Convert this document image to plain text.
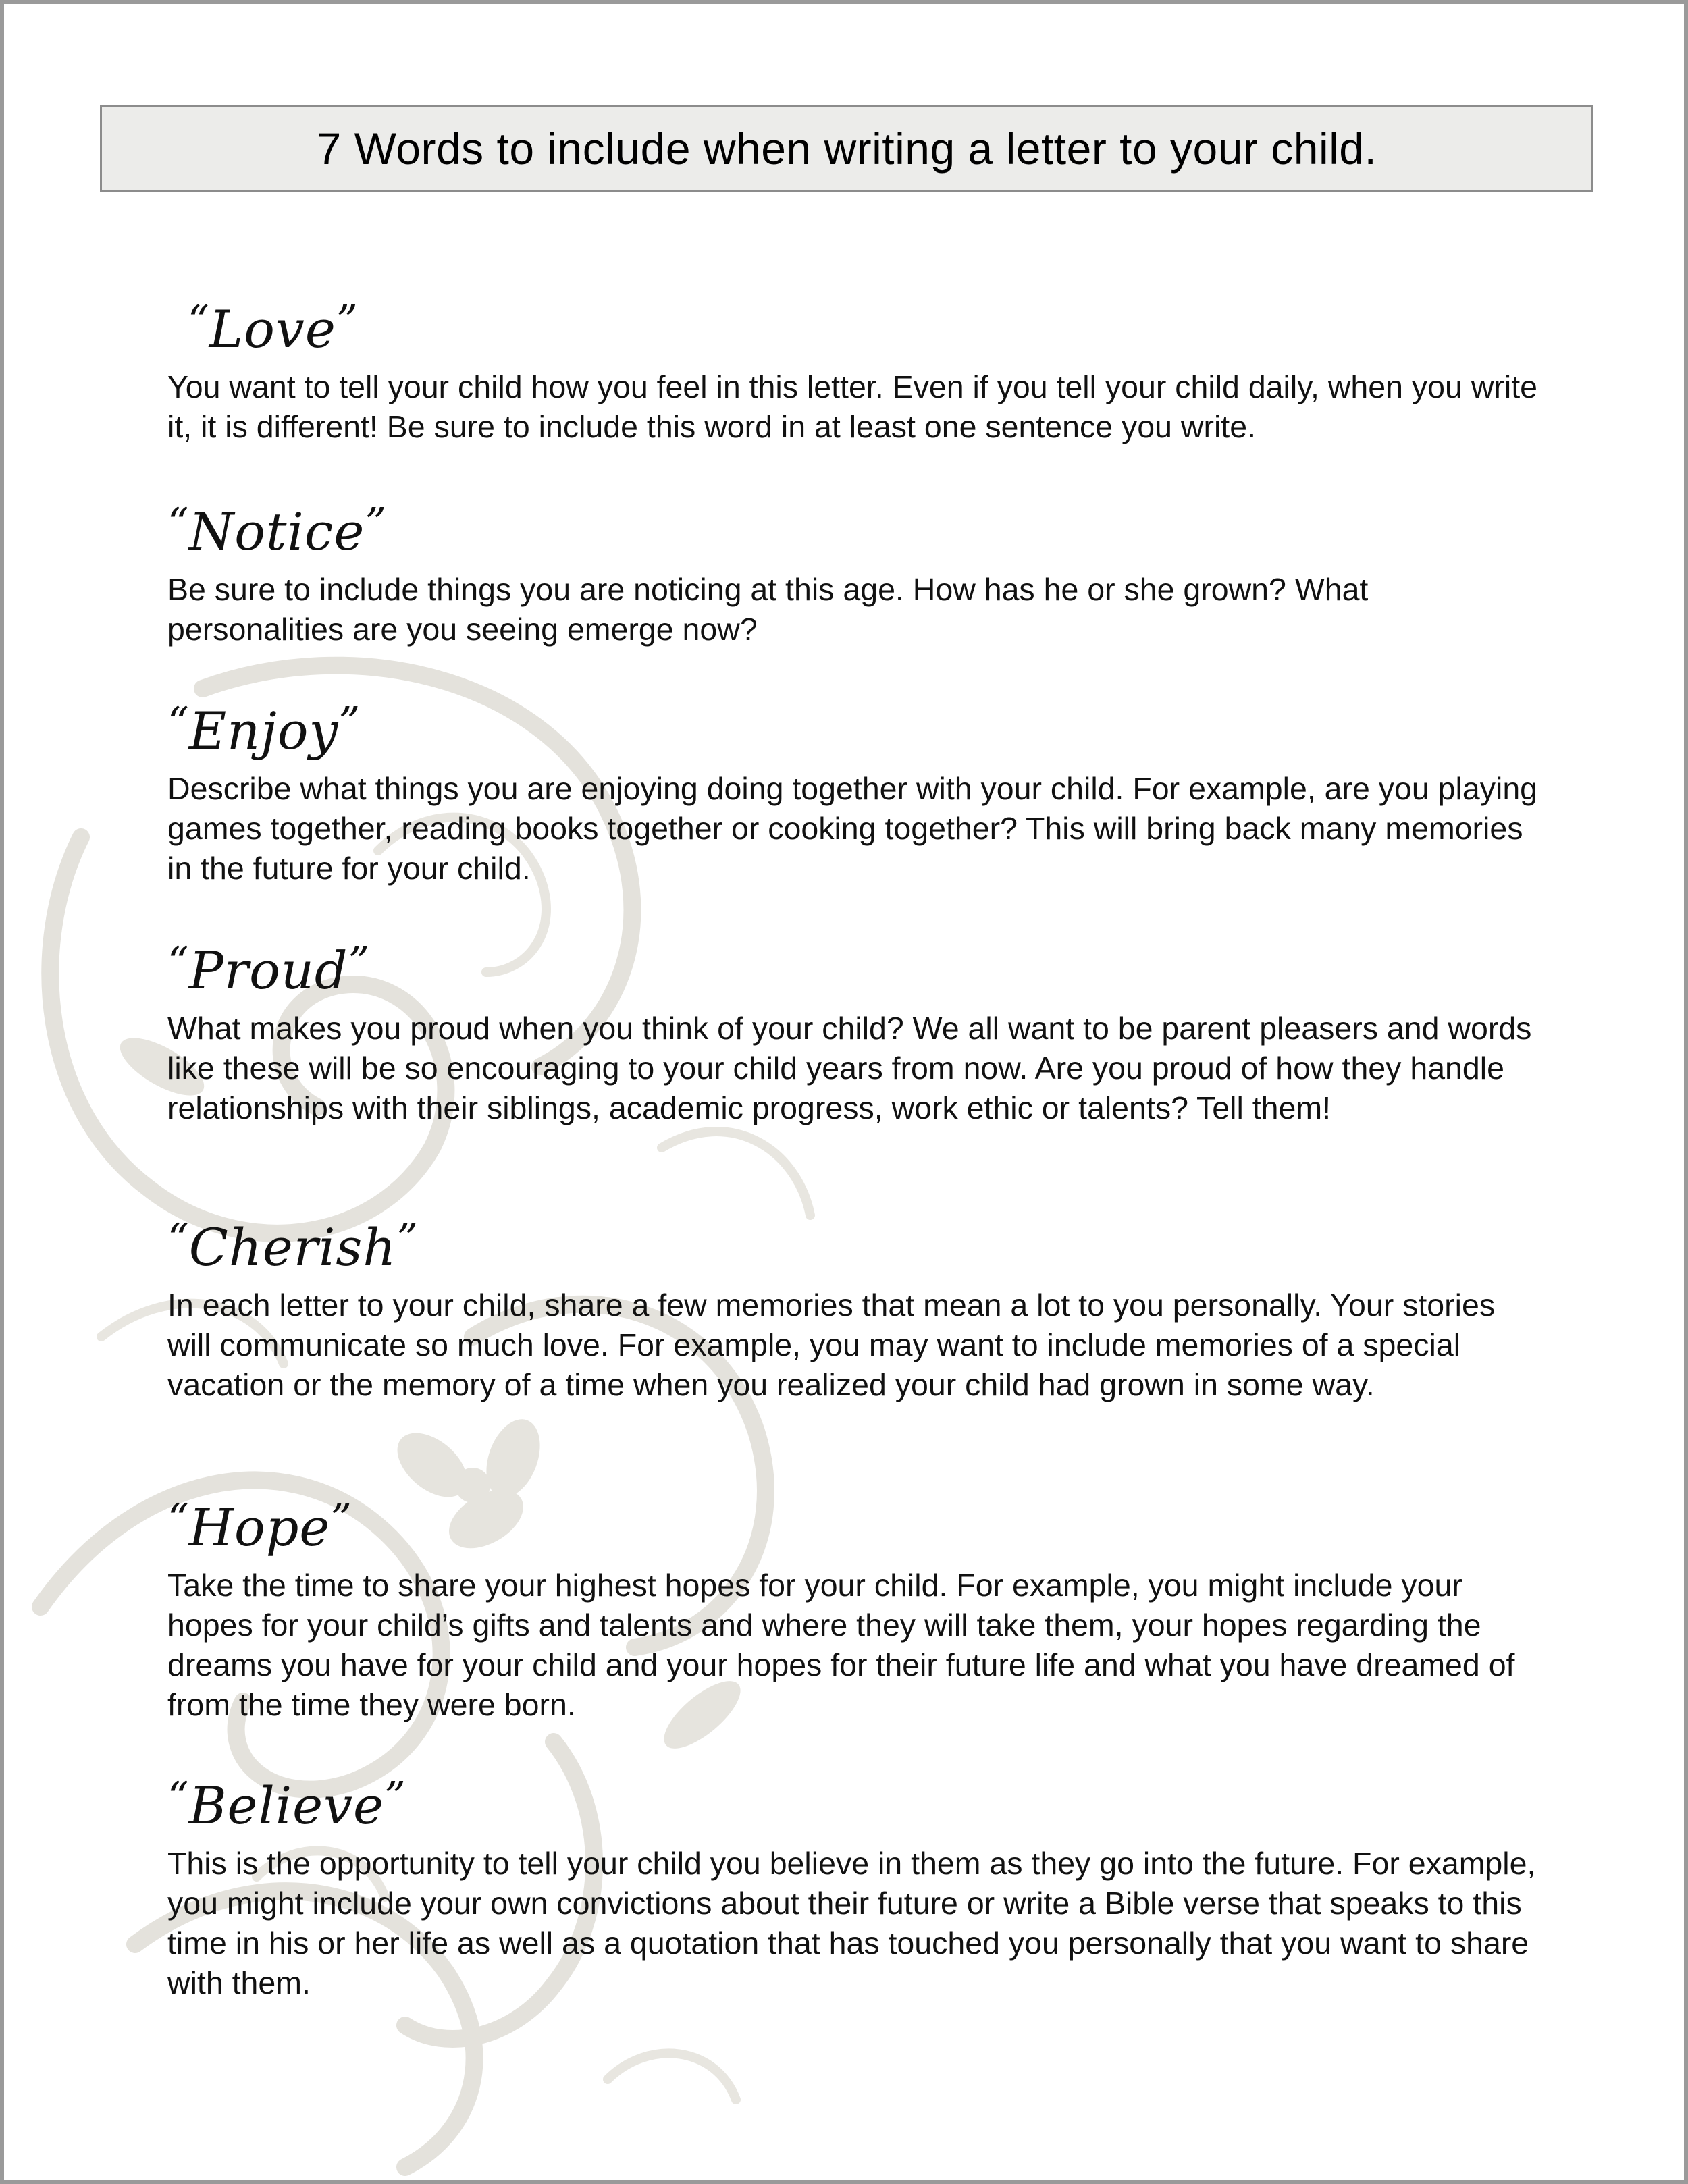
7 Words to include when writing a letter to your child.
“Love”

You want to tell your child how you feel in this letter. Even if you tell your child daily, when you write it, it is different! Be sure to include this word in at least one sentence you write.

“Notice”

Be sure to include things you are noticing at this age. How has he or she grown? What personalities are you seeing emerge now?

“Enjoy”

Describe what things you are enjoying doing together with your child. For example, are you playing games together, reading books together or cooking together? This will bring back many memories in the future for your child.

“Proud”

What makes you proud when you think of your child? We all want to be parent pleasers and words like these will be so encouraging to your child years from now. Are you proud of how they handle relationships with their siblings, academic progress, work ethic or talents? Tell them!

“Cherish”

In each letter to your child, share a few memories that mean a lot to you personally. Your stories will communicate so much love. For example, you may want to include memories of a special vacation or the memory of a time when you realized your child had grown in some way.

“Hope”

Take the time to share your highest hopes for your child. For example, you might include your hopes for your child’s gifts and talents and where they will take them, your hopes regarding the dreams you have for your child and your hopes for their future life and what you have dreamed of from the time they were born.

“Believe”

This is the opportunity to tell your child you believe in them as they go into the future. For example, you might include your own convictions about their future or write a Bible verse that speaks to this time in his or her life as well as a quotation that has touched you personally that you want to share with them.
